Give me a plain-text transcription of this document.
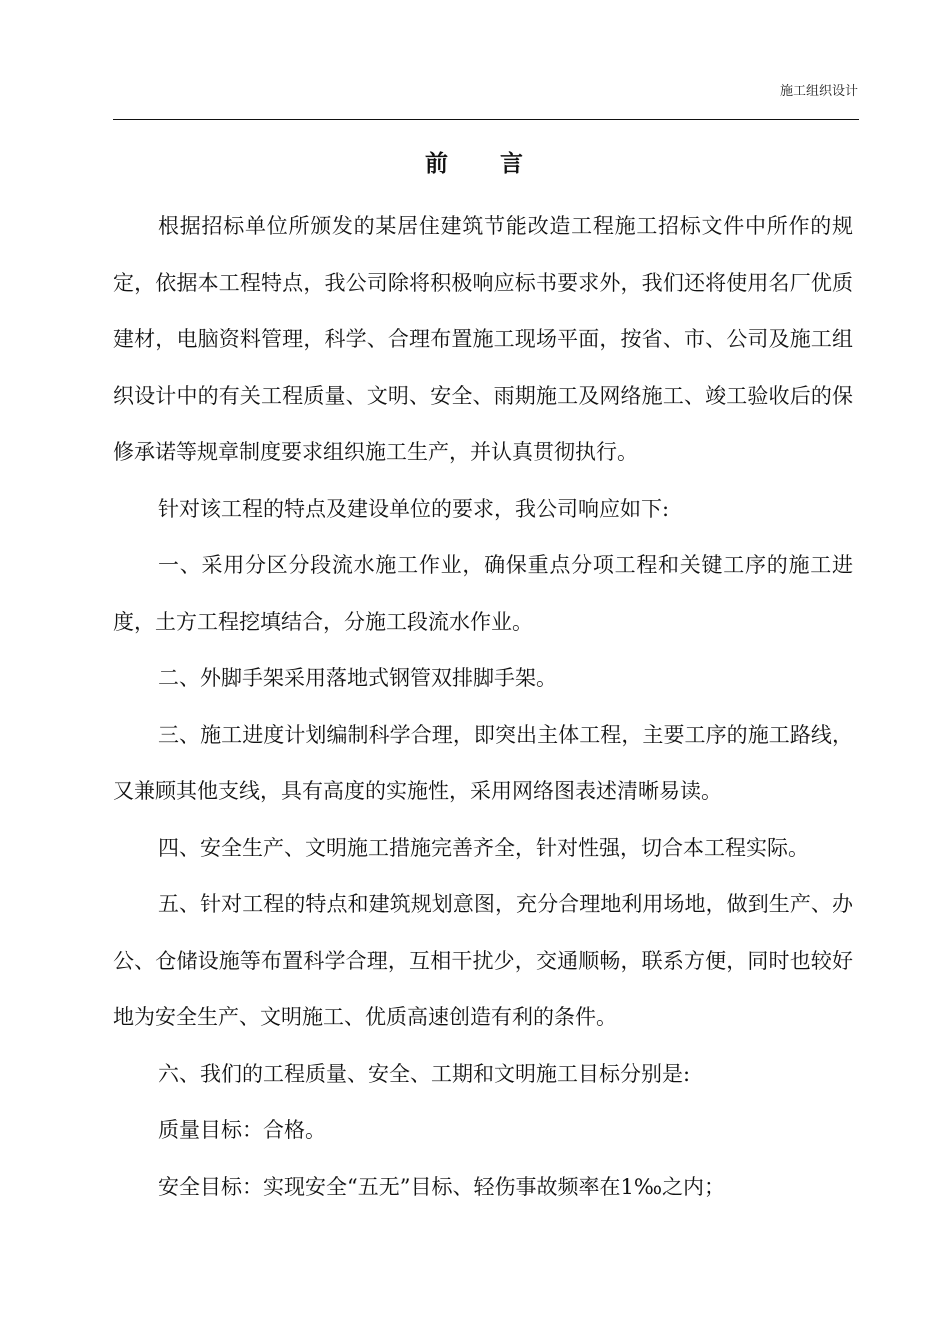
施工组织设计
前　　言

根据招标单位所颁发的某居住建筑节能改造工程施工招标文件中所作的规定，依据本工程特点，我公司除将积极响应标书要求外，我们还将使用名厂优质建材，电脑资料管理，科学、合理布置施工现场平面，按省、市、公司及施工组织设计中的有关工程质量、文明、安全、雨期施工及网络施工、竣工验收后的保修承诺等规章制度要求组织施工生产，并认真贯彻执行。

针对该工程的特点及建设单位的要求，我公司响应如下:

一、采用分区分段流水施工作业，确保重点分项工程和关键工序的施工进度，土方工程挖填结合，分施工段流水作业。

二、外脚手架采用落地式钢管双排脚手架。

三、施工进度计划编制科学合理，即突出主体工程，主要工序的施工路线，又兼顾其他支线，具有高度的实施性，采用网络图表述清晰易读。

四、安全生产、文明施工措施完善齐全，针对性强，切合本工程实际。

五、针对工程的特点和建筑规划意图，充分合理地利用场地，做到生产、办公、仓储设施等布置科学合理，互相干扰少，交通顺畅，联系方便，同时也较好地为安全生产、文明施工、优质高速创造有利的条件。

六、我们的工程质量、安全、工期和文明施工目标分别是:

质量目标：合格。

安全目标：实现安全“五无”目标、轻伤事故频率在1‰之内；
